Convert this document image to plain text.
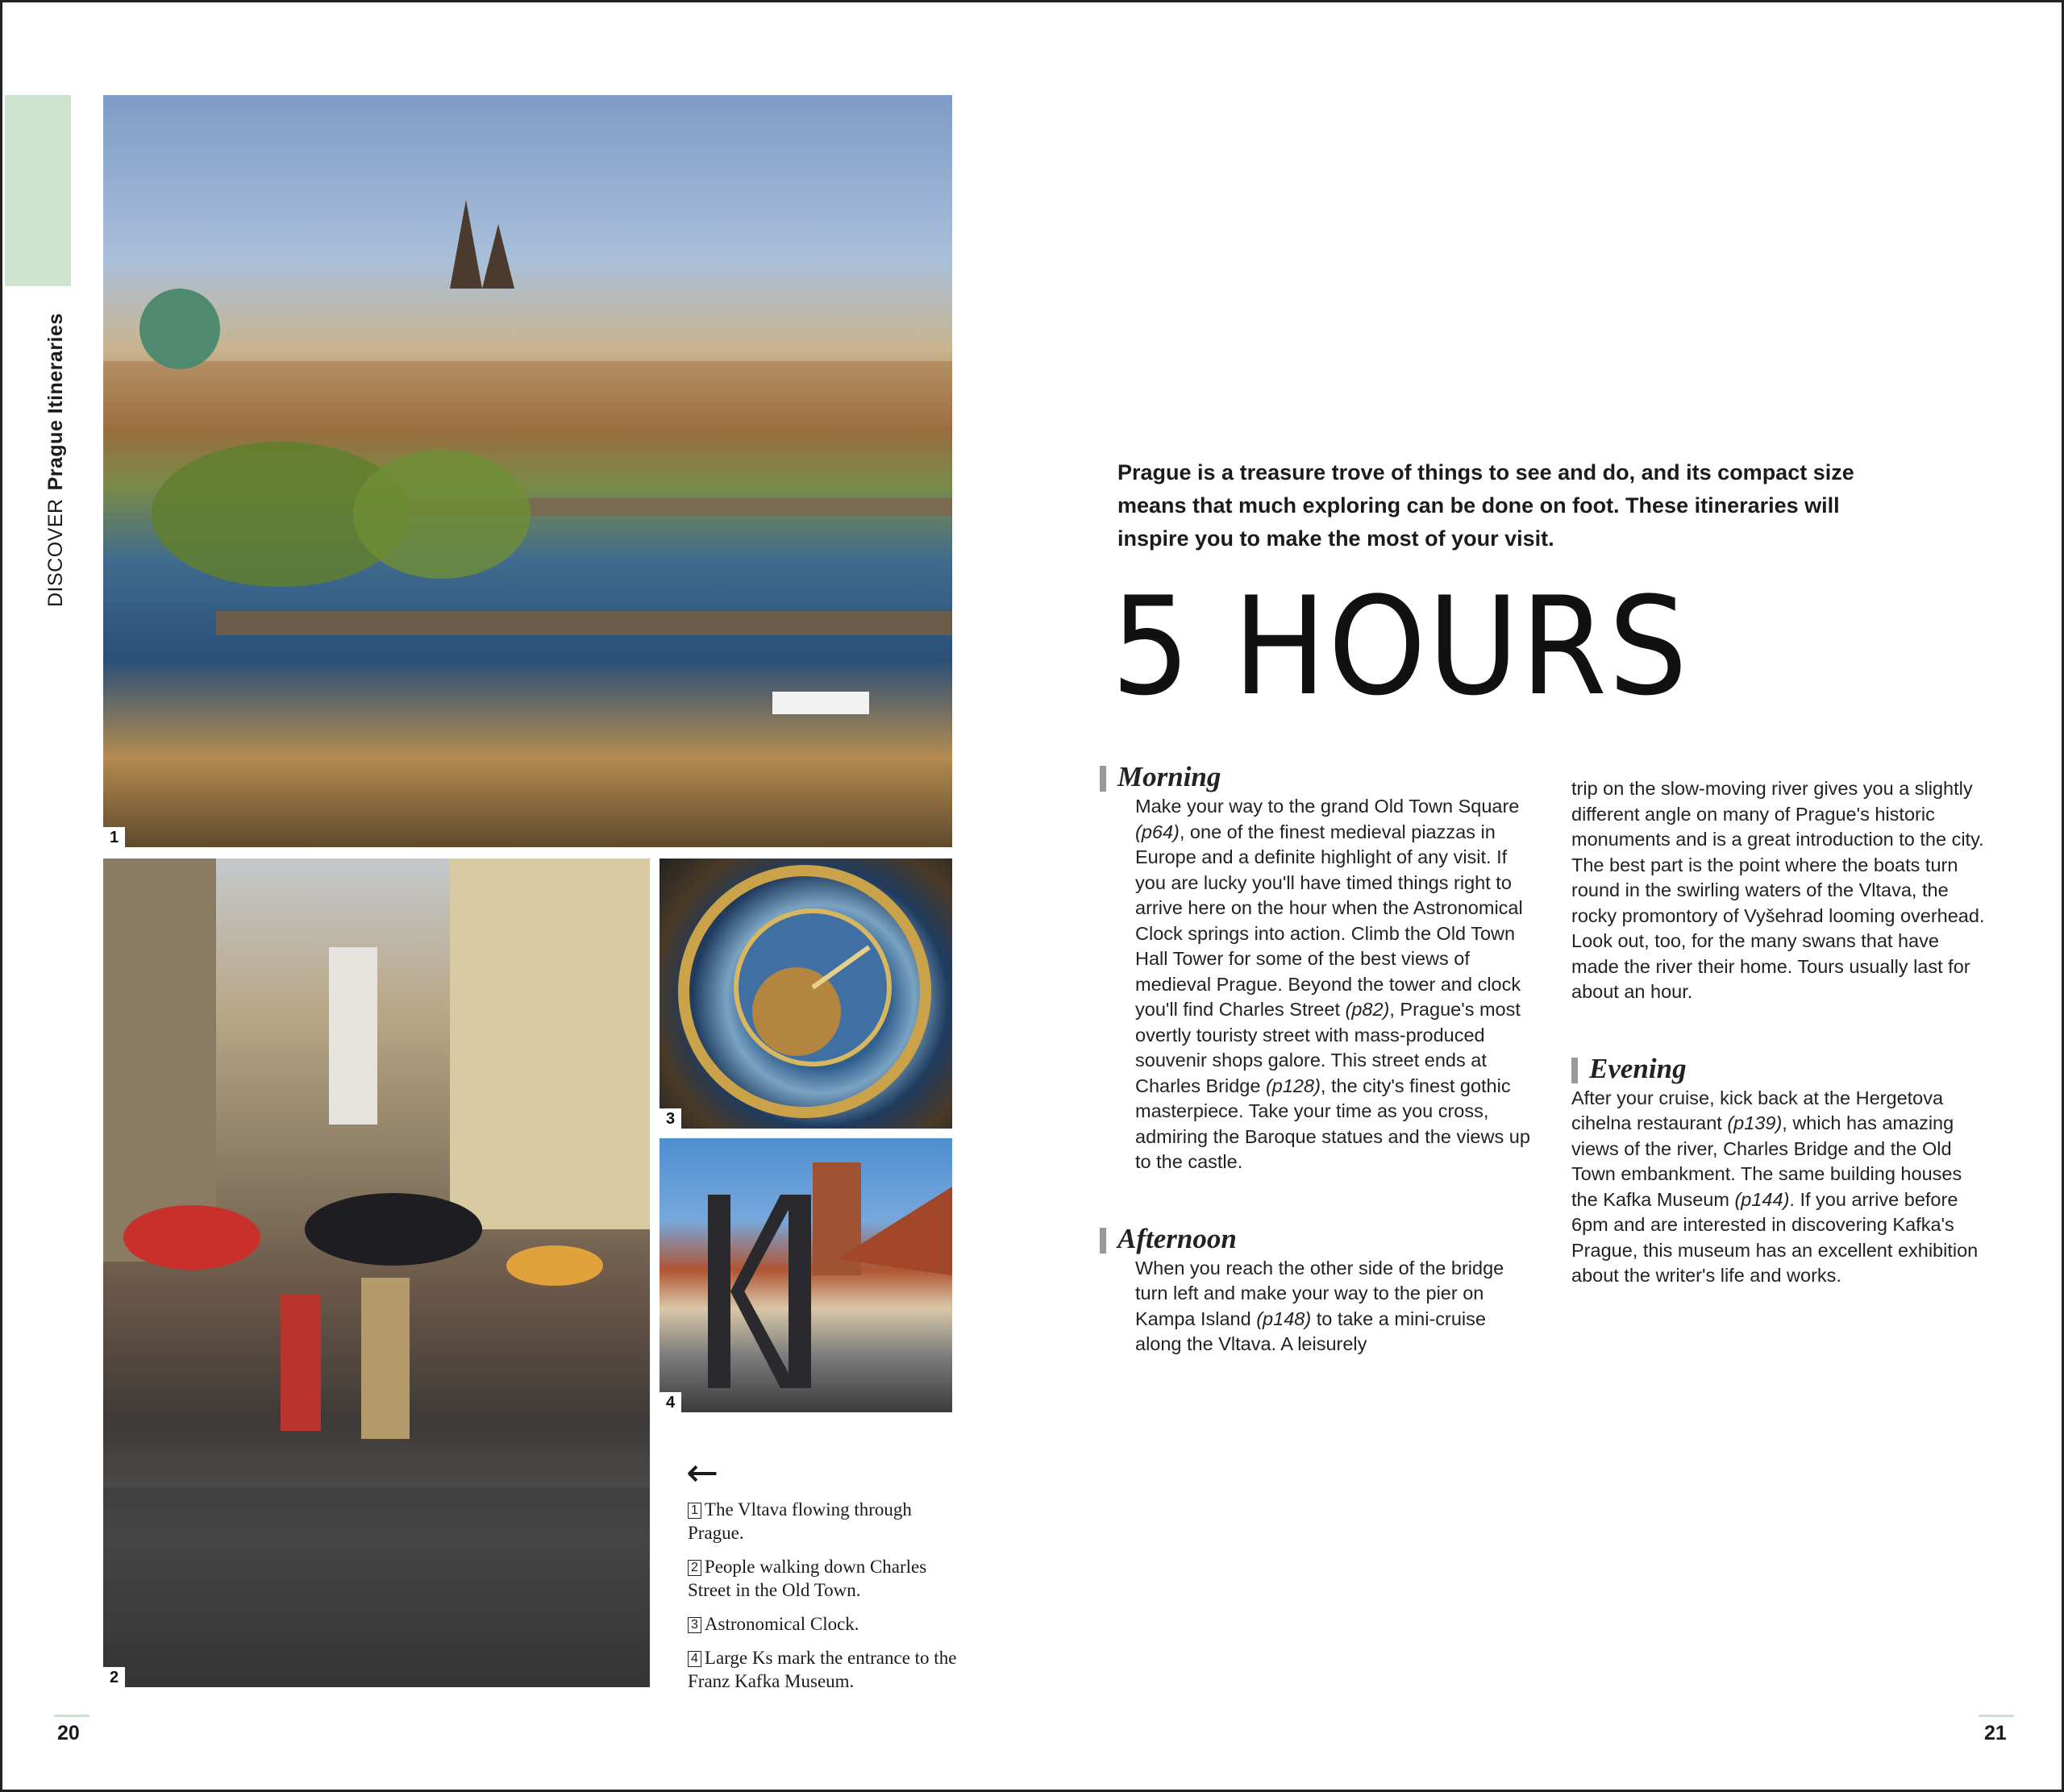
DISCOVERPrague Itineraries
1
2
3
4
←
1 The Vltava flowing through Prague.
2 People walking down Charles Street in the Old Town.
3 Astronomical Clock.
4 Large Ks mark the entrance to the Franz Kafka Museum.
20
Prague is a treasure trove of things to see and do, and its compact size means that much exploring can be done on foot. These itineraries will inspire you to make the most of your visit.
5 HOURS
Morning
Make your way to the grand Old Town Square (p64), one of the finest medieval piazzas in Europe and a definite highlight of any visit. If you are lucky you'll have timed things right to arrive here on the hour when the Astronomical Clock springs into action. Climb the Old Town Hall Tower for some of the best views of medieval Prague. Beyond the tower and clock you'll find Charles Street (p82), Prague's most overtly touristy street with mass-produced souvenir shops galore. This street ends at Charles Bridge (p128), the city's finest gothic masterpiece. Take your time as you cross, admiring the Baroque statues and the views up to the castle.
Afternoon
When you reach the other side of the bridge turn left and make your way to the pier on Kampa Island (p148) to take a mini-cruise along the Vltava. A leisurely
trip on the slow-moving river gives you a slightly different angle on many of Prague's historic monuments and is a great introduction to the city. The best part is the point where the boats turn round in the swirling waters of the Vltava, the rocky promontory of Vyšehrad looming overhead. Look out, too, for the many swans that have made the river their home. Tours usually last for about an hour.
Evening
After your cruise, kick back at the Hergetova cihelna restaurant (p139), which has amazing views of the river, Charles Bridge and the Old Town embankment. The same building houses the Kafka Museum (p144). If you arrive before 6pm and are interested in discovering Kafka's Prague, this museum has an excellent exhibition about the writer's life and works.
21
